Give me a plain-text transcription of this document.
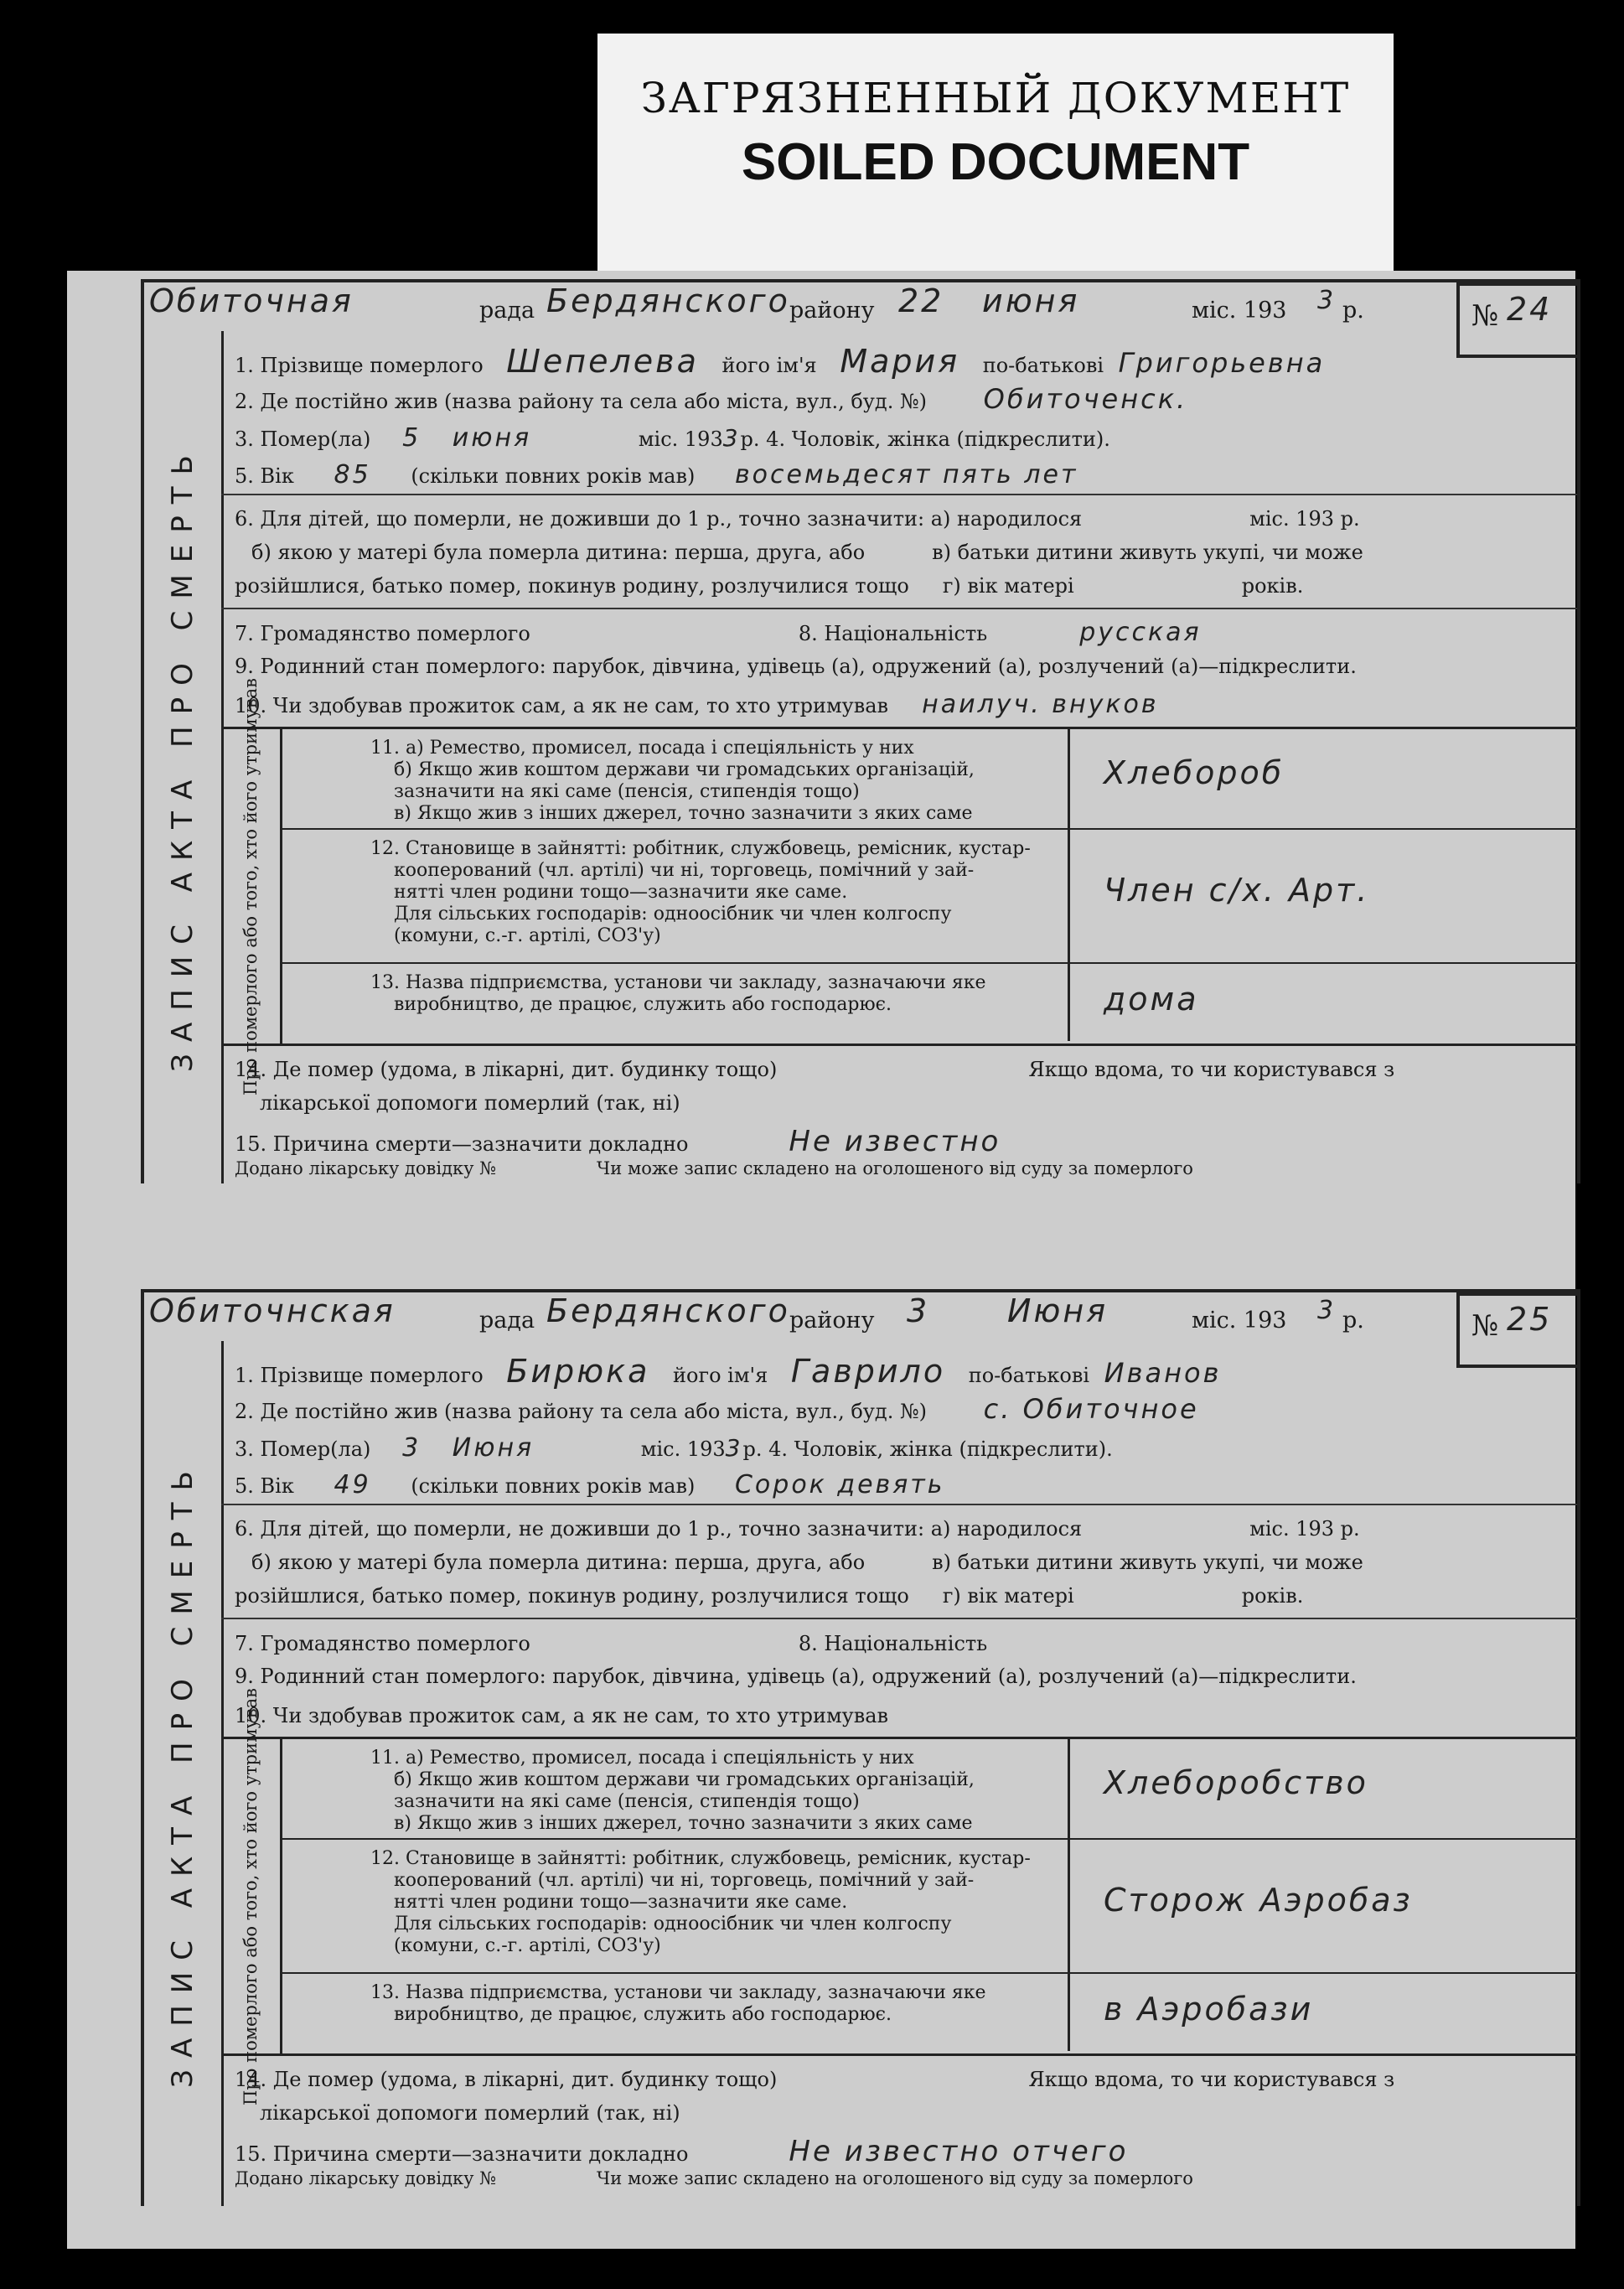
ЗАГРЯЗНЕННЫЙ ДОКУМЕНТ
SOILED DOCUMENT
Обиточная	рада Бердянского району 22 июня	міс. 193 3 р.	№ 24
ЗАПИС АКТА ПРО СМЕРТЬ
1. Прізвище померлого Шепелева його ім'я Мария по-батькові Григорьевна
2. Де постійно жив (назва району та села або міста, вул., буд. №) Обиточенск.
3. Помер(ла) 5 июня	міс. 1933р. 4. Чоловік, жінка (підкреслити).
5. Вік 85 (скільки повних років мав) восемьдесят пять лет
6. Для дітей, що померли, не доживши до 1 р., точно зазначити: а) народилося	міс. 193 р.
б) якою у матері була померла дитина: перша, друга, або	в) батьки дитини живуть укупі, чи може
розійшлися, батько помер, покинув родину, розлучилися тощо г) вік матері	років.
7. Громадянство померлого	8. Національність	русская
9. Родинний стан померлого: парубок, дівчина, удівець (а), одружений (а), розлучений (а)—підкреслити.
10. Чи здобував прожиток сам, а як не сам, то хто утримував наилуч. внуков
Про померлого або того, хто його утримував	11. а) Ремество, промисел, посада і спеціяльність у них
б) Якщо жив коштом держави чи громадських організацій,
зазначити на які саме (пенсія, стипендія тощо)
в) Якщо жив з інших джерел, точно зазначити з яких саме
Хлебороб
12. Становище в зайнятті: робітник, службовець, ремісник, кустар-
кооперований (чл. артілі) чи ні, торговець, помічний у зай-
нятті член родини тощо—зазначити яке саме.
Для сільських господарів: одноосібник чи член колгоспу
(комуни, с.-г. артілі, СОЗ'у)
Член с/х. Арт.
13. Назва підприємства, установи чи закладу, зазначаючи яке
виробництво, де працює, служить або господарює.	дома
14. Де помер (удома, в лікарні, дит. будинку тощо)	Якщо вдома, то чи користувався з
лікарської допомоги померлий (так, ні)
15. Причина смерти—зазначити докладно	Не известно
Додано лікарську довідку №	Чи може запис складено на оголошеного від суду за померлого
Обиточнская	рада Бердянского району 3 Июня	міс. 193 3 р.	№ 25
ЗАПИС АКТА ПРО СМЕРТЬ
1. Прізвище померлого Бирюка його ім'я Гаврило по-батькові Иванов
2. Де постійно жив (назва району та села або міста, вул., буд. №) с. Обиточное
3. Помер(ла) 3 Июня	міс. 1933р. 4. Чоловік, жінка (підкреслити).
5. Вік 49 (скільки повних років мав) Сорок девять
6. Для дітей, що померли, не доживши до 1 р., точно зазначити: а) народилося	міс. 193 р.
б) якою у матері була померла дитина: перша, друга, або	в) батьки дитини живуть укупі, чи може
розійшлися, батько помер, покинув родину, розлучилися тощо г) вік матері	років.
7. Громадянство померлого	8. Національність
9. Родинний стан померлого: парубок, дівчина, удівець (а), одружений (а), розлучений (а)—підкреслити.
10. Чи здобував прожиток сам, а як не сам, то хто утримував
Про померлого або того, хто його утримував	11. а) Ремество, промисел, посада і спеціяльність у них
б) Якщо жив коштом держави чи громадських організацій,
зазначити на які саме (пенсія, стипендія тощо)
в) Якщо жив з інших джерел, точно зазначити з яких саме
Хлеборобство
12. Становище в зайнятті: робітник, службовець, ремісник, кустар-
кооперований (чл. артілі) чи ні, торговець, помічний у зай-
нятті член родини тощо—зазначити яке саме.
Для сільських господарів: одноосібник чи член колгоспу
(комуни, с.-г. артілі, СОЗ'у)
Сторож Аэробаз
13. Назва підприємства, установи чи закладу, зазначаючи яке
виробництво, де працює, служить або господарює.	в Аэробази
14. Де помер (удома, в лікарні, дит. будинку тощо)	Якщо вдома, то чи користувався з
лікарської допомоги померлий (так, ні)
15. Причина смерти—зазначити докладно	Не известно отчего
Додано лікарську довідку №	Чи може запис складено на оголошеного від суду за померлого
